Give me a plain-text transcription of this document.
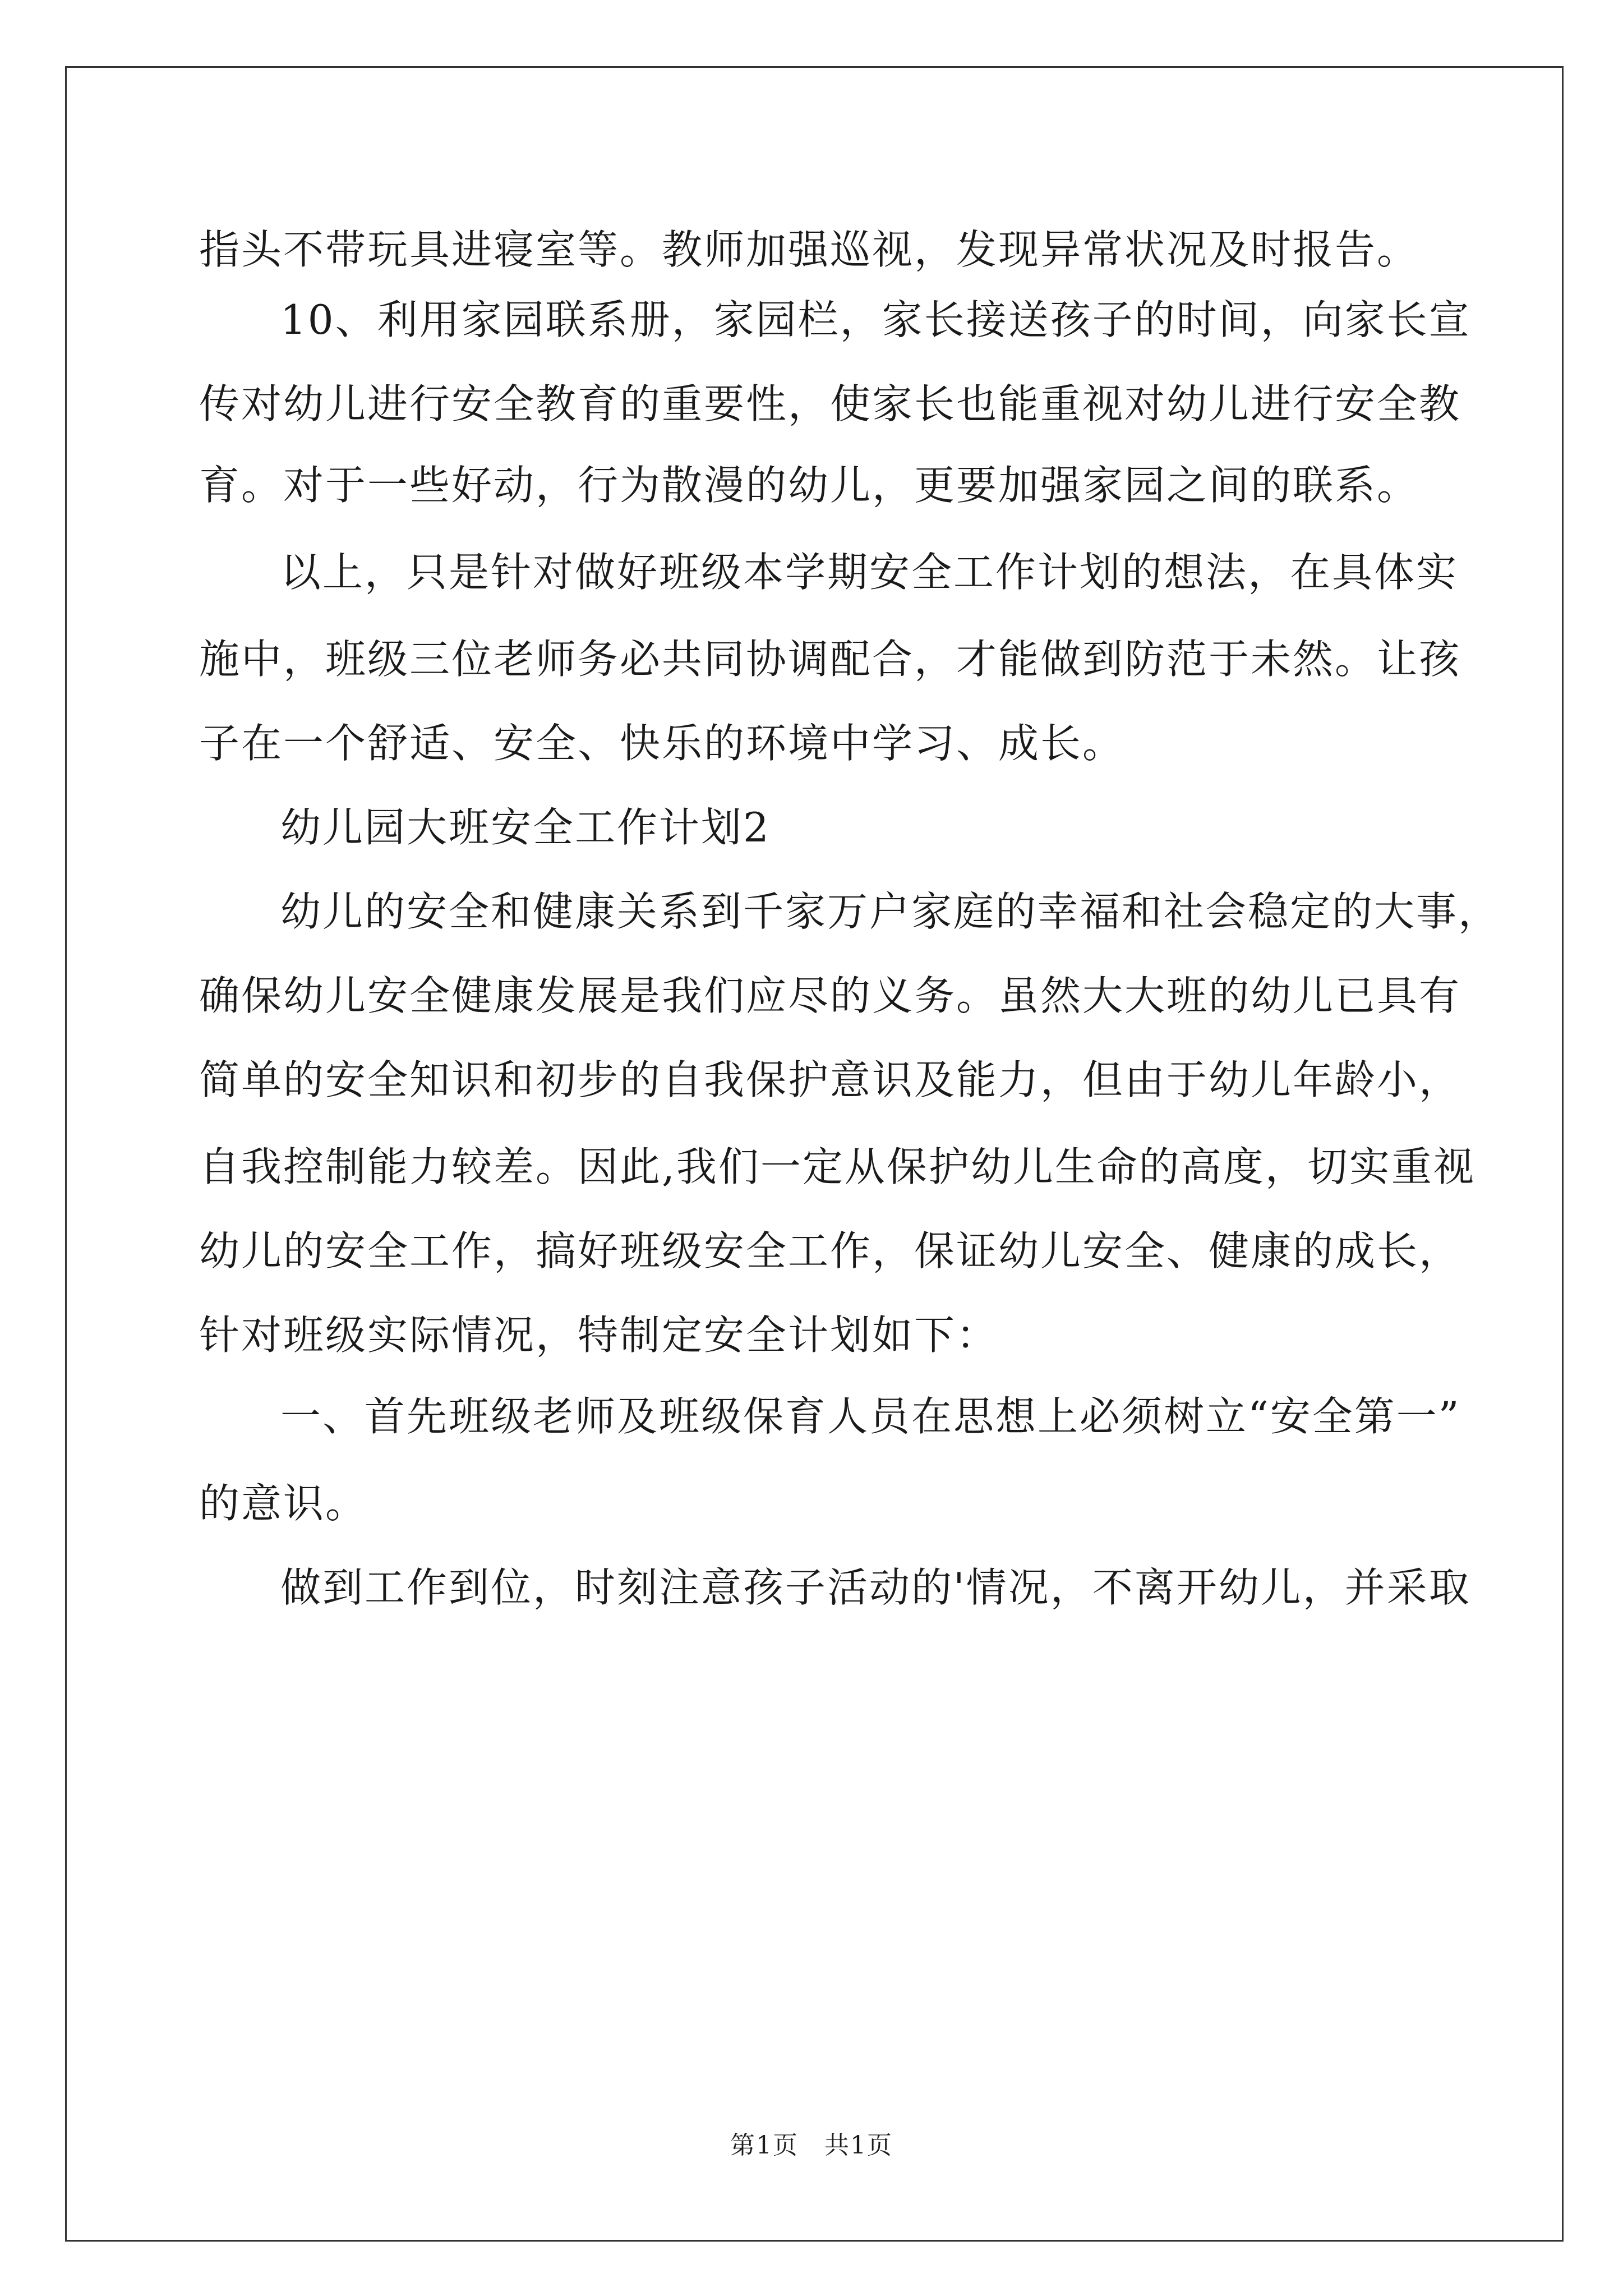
指头不带玩具进寝室等。教师加强巡视，发现异常状况及时报告。
10、利用家园联系册，家园栏，家长接送孩子的时间，向家长宣
传对幼儿进行安全教育的重要性，使家长也能重视对幼儿进行安全教
育。对于一些好动，行为散漫的幼儿，更要加强家园之间的联系。
以上，只是针对做好班级本学期安全工作计划的想法，在具体实
施中，班级三位老师务必共同协调配合，才能做到防范于未然。让孩
子在一个舒适、安全、快乐的环境中学习、成长。
幼儿园大班安全工作计划2
幼儿的安全和健康关系到千家万户家庭的幸福和社会稳定的大事，
确保幼儿安全健康发展是我们应尽的义务。虽然大大班的幼儿已具有
简单的安全知识和初步的自我保护意识及能力，但由于幼儿年龄小，
自我控制能力较差。因此,我们一定从保护幼儿生命的高度，切实重视
幼儿的安全工作，搞好班级安全工作，保证幼儿安全、健康的成长，
针对班级实际情况，特制定安全计划如下：
一、首先班级老师及班级保育人员在思想上必须树立“安全第一”
的意识。
做到工作到位，时刻注意孩子活动的'情况，不离开幼儿，并采取
第1页　共1页
